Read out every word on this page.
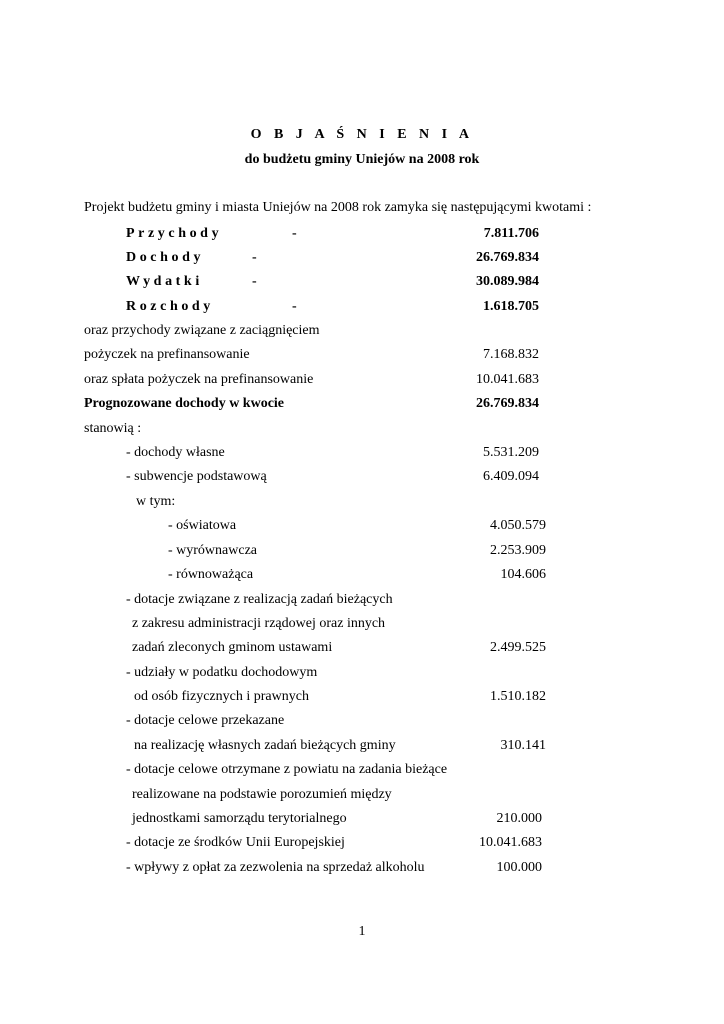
O B J A Ś N I E N I A
do budżetu gminy Uniejów na 2008 rok
Projekt budżetu gminy i miasta Uniejów na 2008 rok zamyka się następującymi kwotami :
Przychody	-	7.811.706
Dochody	-	26.769.834
Wydatki	-	30.089.984
Rozchody	-	1.618.705
oraz przychody związane z zaciągnięciem
pożyczek na prefinansowanie	7.168.832
oraz spłata pożyczek na prefinansowanie	10.041.683
Prognozowane dochody w kwocie	26.769.834
stanowią :
- dochody własne	5.531.209
- subwencje podstawową	6.409.094
w tym:
- oświatowa	4.050.579
- wyrównawcza	2.253.909
- równoważąca	104.606
- dotacje związane z realizacją zadań bieżących
z zakresu administracji rządowej oraz innych
zadań zleconych gminom ustawami	2.499.525
- udziały w podatku dochodowym
od osób fizycznych i prawnych	1.510.182
- dotacje celowe przekazane
na realizację własnych zadań bieżących gminy	310.141
- dotacje celowe otrzymane z powiatu na zadania bieżące
realizowane na podstawie porozumień między
jednostkami samorządu terytorialnego	210.000
- dotacje ze środków Unii Europejskiej	10.041.683
- wpływy z opłat za zezwolenia na sprzedaż alkoholu	100.000
1
